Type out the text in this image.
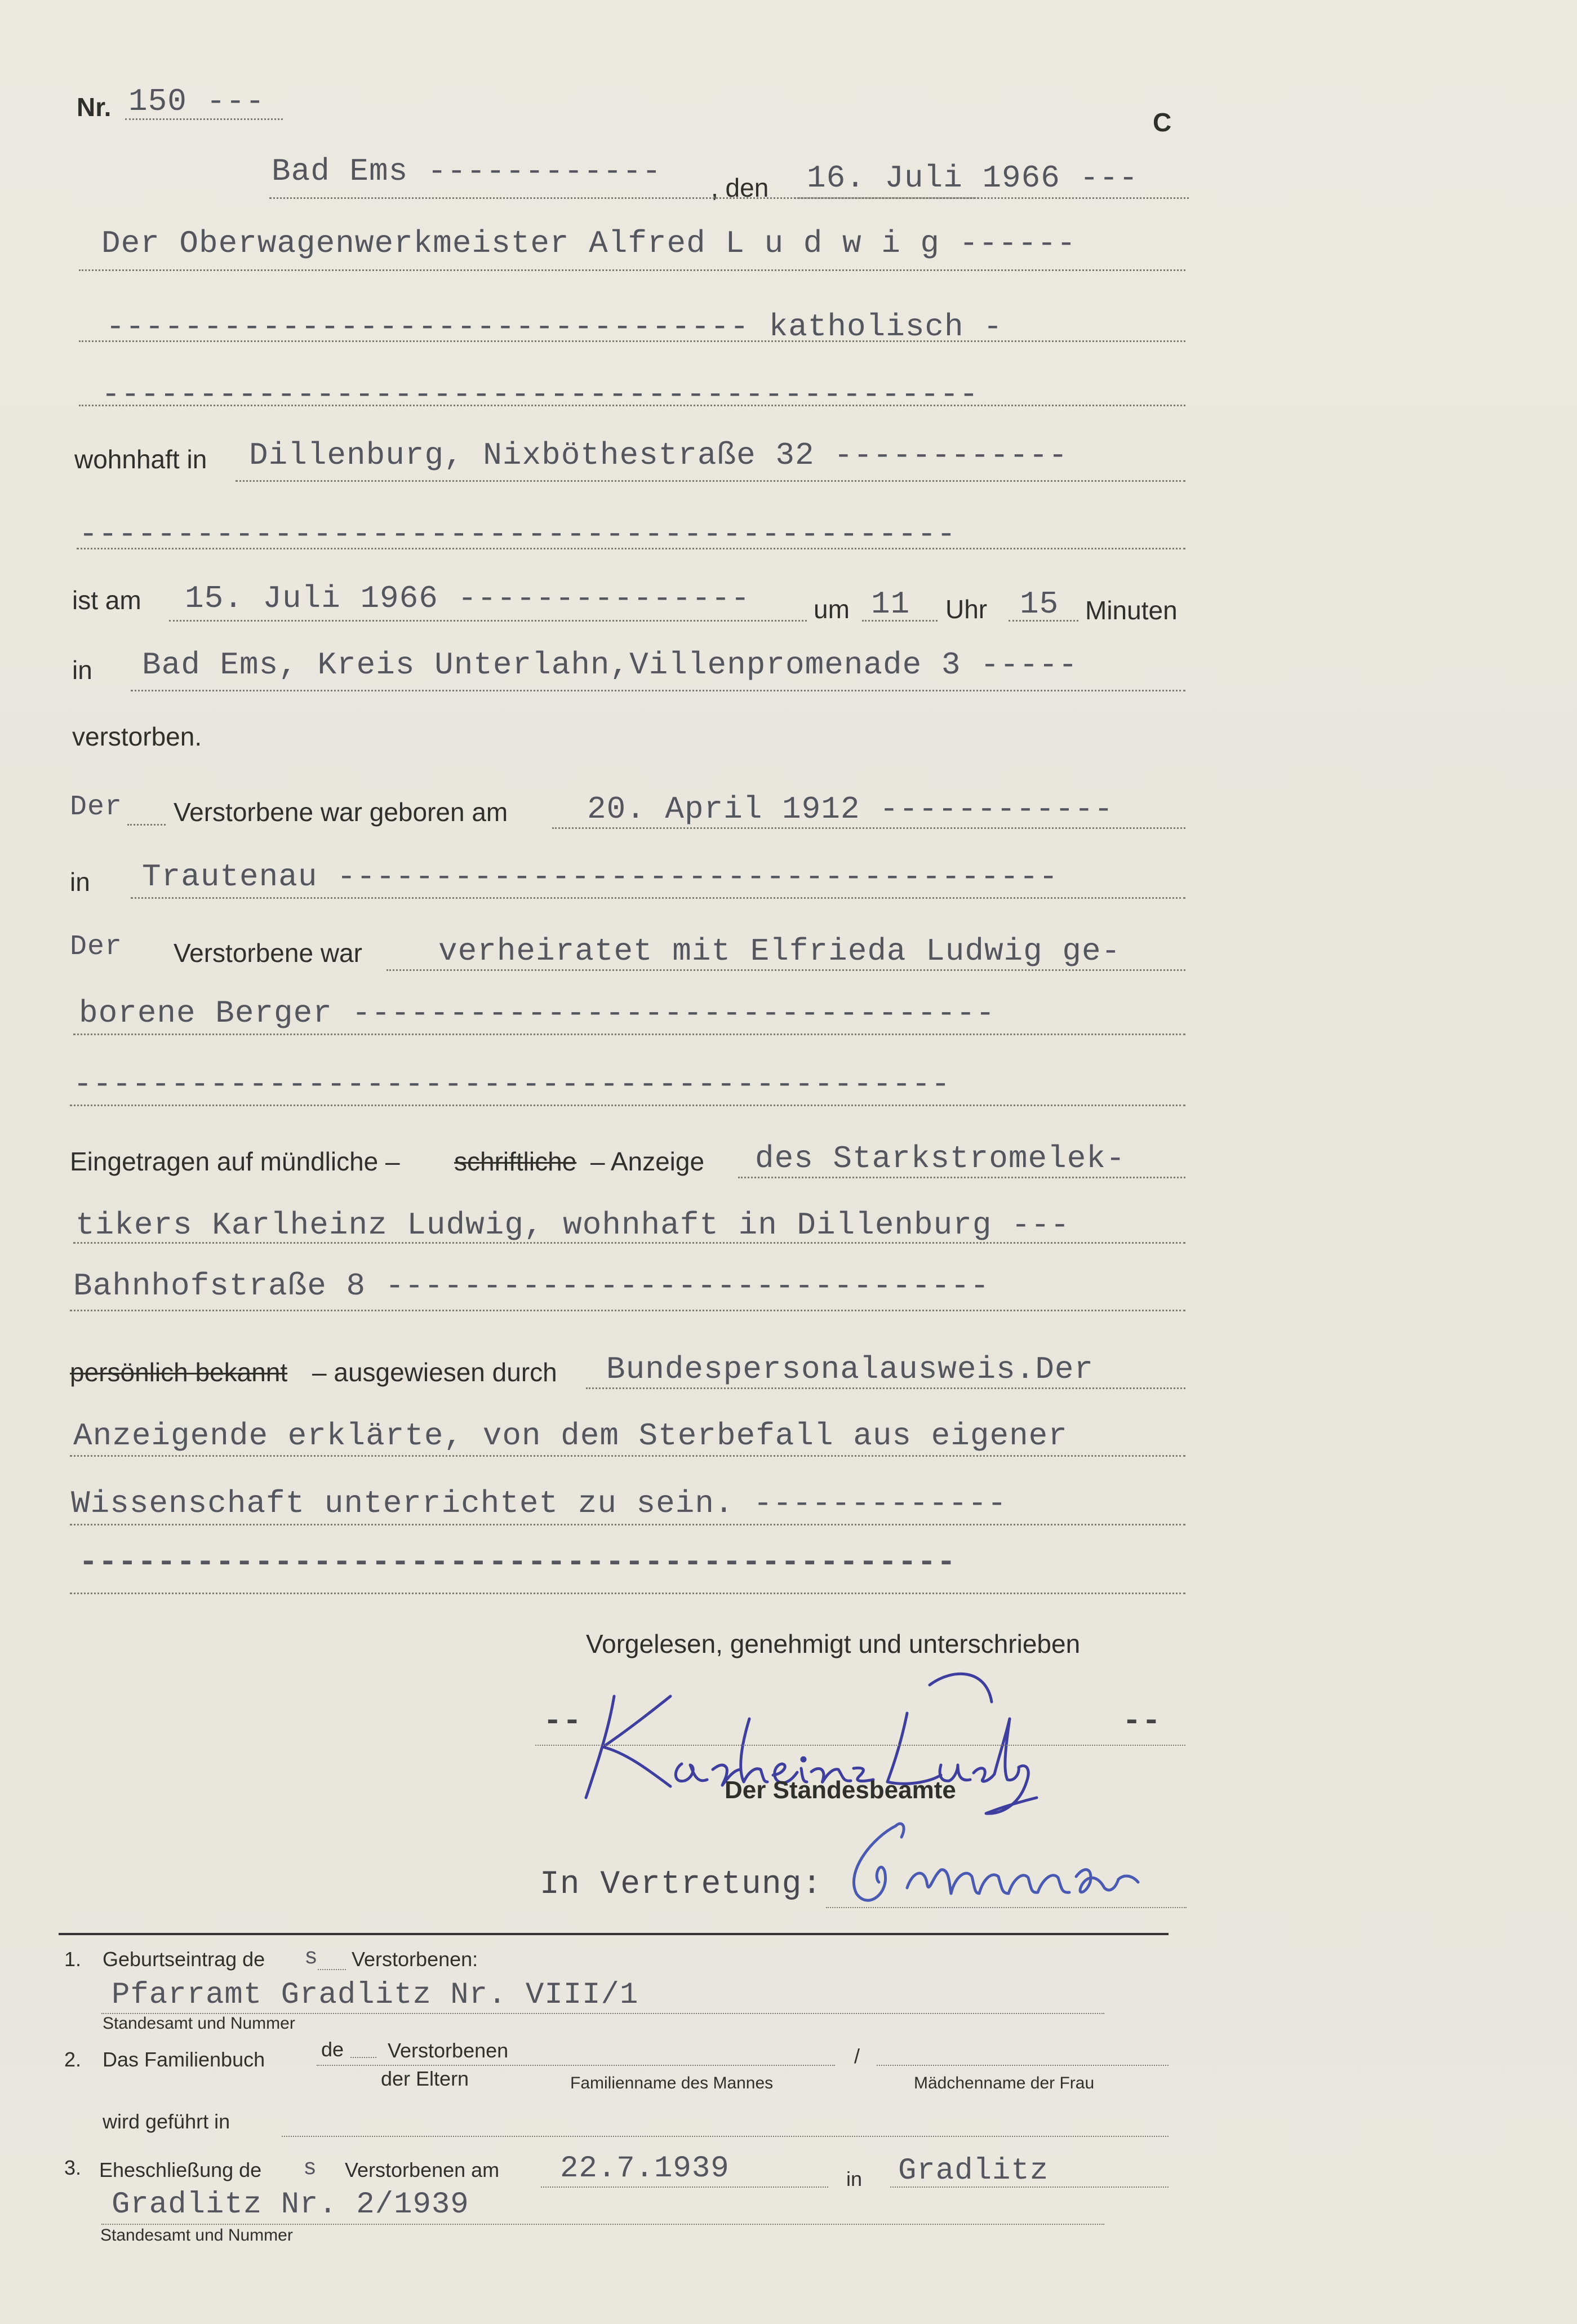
Nr. 150 ---
C
Bad Ems ------------ , den 16. Juli 1966 ---
Der Oberwagenwerkmeister Alfred L u d w i g ------
--------------------------------- katholisch -
---------------------------------------------
wohnhaft in Dillenburg, Nixböthestraße 32 ------------
---------------------------------------------
ist am 15. Juli 1966 --------------- um 11 Uhr 15 Minuten
in Bad Ems, Kreis Unterlahn,Villenpromenade 3 -----
verstorben.
Der Verstorbene war geboren am	20. April 1912 ------------
in Trautenau -------------------------------------
Der Verstorbene war verheiratet mit Elfrieda Ludwig ge-
borene Berger ---------------------------------
---------------------------------------------
Eingetragen auf mündliche – schriftliche – Anzeige des Starkstromelek-
tikers Karlheinz Ludwig, wohnhaft in Dillenburg ---
Bahnhofstraße 8 -------------------------------
persönlich bekannt – ausgewiesen durch Bundespersonalausweis.Der
Anzeigende erklärte, von dem Sterbefall aus eigener
Wissenschaft unterrichtet zu sein. -------------
---------------------------------------------
Vorgelesen, genehmigt und unterschrieben
--	--
Der Standesbeamte
In Vertretung:
1. Geburtseintrag de s Verstorbenen:
Pfarramt Gradlitz Nr. VIII/1
Standesamt und Nummer
2. Das Familienbuch	de Verstorbenen
der Eltern	Familienname des Mannes
/
Mädchenname der Frau
wird geführt in
3. Eheschließung de s Verstorbenen am 22.7.1939	in Gradlitz
Gradlitz Nr. 2/1939
Standesamt und Nummer
